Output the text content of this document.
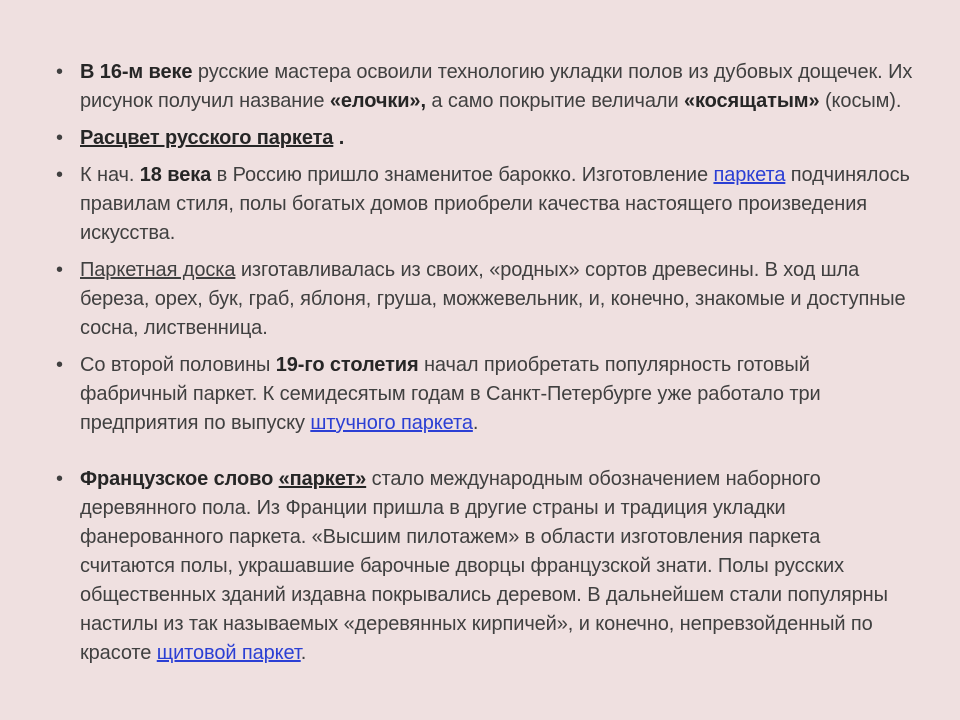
• В 16-м веке русские мастера освоили технологию укладки полов из дубовых дощечек. Их рисунок получил название «елочки», а само покрытие величали «косящатым» (косым).
• Расцвет русского паркета .
• К нач. 18 века в Россию пришло знаменитое барокко. Изготовление паркета подчинялось правилам стиля, полы богатых домов приобрели качества настоящего произведения искусства.
• Паркетная доска изготавливалась из своих, «родных» сортов древесины. В ход шла береза, орех, бук, граб, яблоня, груша, можжевельник, и, конечно, знакомые и доступные сосна, лиственница.
• Со второй половины 19-го столетия начал приобретать популярность готовый фабричный паркет. К семидесятым годам в Санкт-Петербурге уже работало три предприятия по выпуску штучного паркета.
• Французское слово «паркет» стало международным обозначением наборного деревянного пола. Из Франции пришла в другие страны и традиция укладки фанерованного паркета. «Высшим пилотажем» в области изготовления паркета считаются полы, украшавшие барочные дворцы французской знати. Полы русских общественных зданий издавна покрывались деревом. В дальнейшем стали популярны настилы из так называемых «деревянных кирпичей», и конечно, непревзойденный по красоте щитовой паркет.
